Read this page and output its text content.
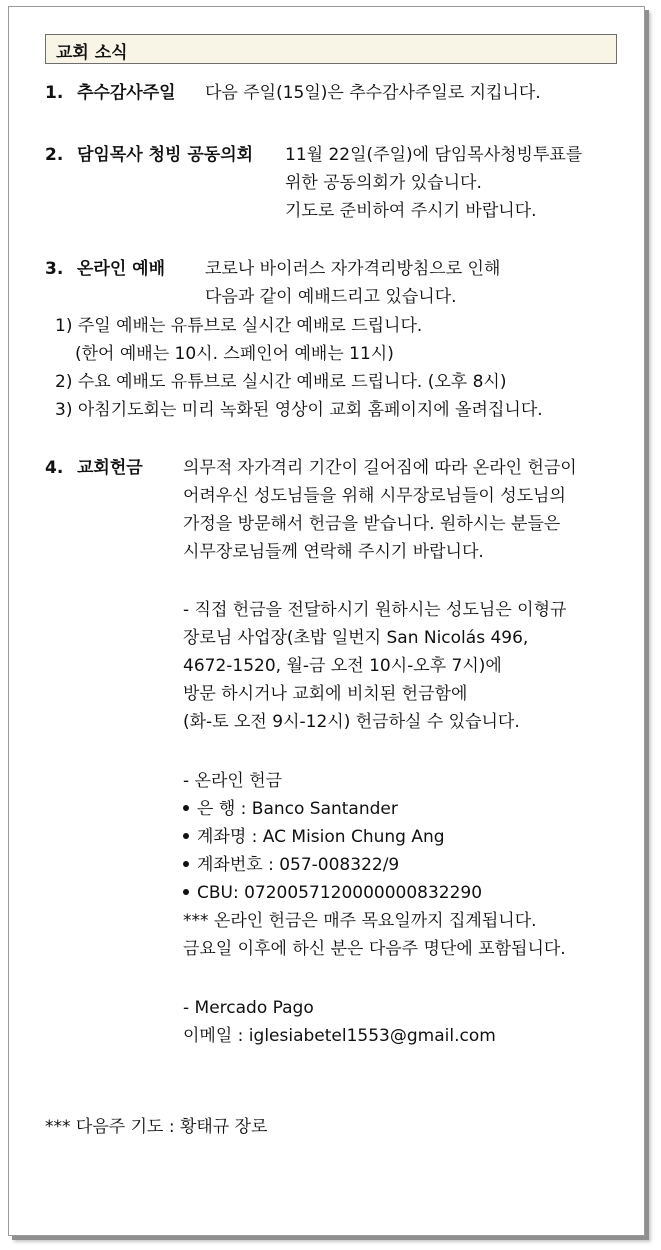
교회 소식
1. 추수감사주일 다음 주일(15일)은 추수감사주일로 지킵니다.
2. 담임목사 청빙 공동의회 11월 22일(주일)에 담임목사청빙투표를
위한 공동의회가 있습니다.
기도로 준비하여 주시기 바랍니다.
3. 온라인 예배 코로나 바이러스 자가격리방침으로 인해
다음과 같이 예배드리고 있습니다.
1) 주일 예배는 유튜브로 실시간 예배로 드립니다.
(한어 예배는 10시. 스페인어 예배는 11시)
2) 수요 예배도 유튜브로 실시간 예배로 드립니다. (오후 8시)
3) 아침기도회는 미리 녹화된 영상이 교회 홈페이지에 올려집니다.
4. 교회헌금 의무적 자가격리 기간이 길어짐에 따라 온라인 헌금이
어려우신 성도님들을 위해 시무장로님들이 성도님의
가정을 방문해서 헌금을 받습니다. 원하시는 분들은
시무장로님들께 연락해 주시기 바랍니다.
- 직접 헌금을 전달하시기 원하시는 성도님은 이형규
장로님 사업장(초밥 일번지 San Nicolás 496,
4672-1520, 월-금 오전 10시-오후 7시)에
방문 하시거나 교회에 비치된 헌금함에
(화-토 오전 9시-12시) 헌금하실 수 있습니다.
- 온라인 헌금
은 행 : Banco Santander
계좌명 : AC Mision Chung Ang
계좌번호 : 057-008322/9
CBU: 0720057120000000832290
*** 온라인 헌금은 매주 목요일까지 집계됩니다.
금요일 이후에 하신 분은 다음주 명단에 포함됩니다.
- Mercado Pago
이메일 : iglesiabetel1553@gmail.com
*** 다음주 기도 : 황태규 장로
